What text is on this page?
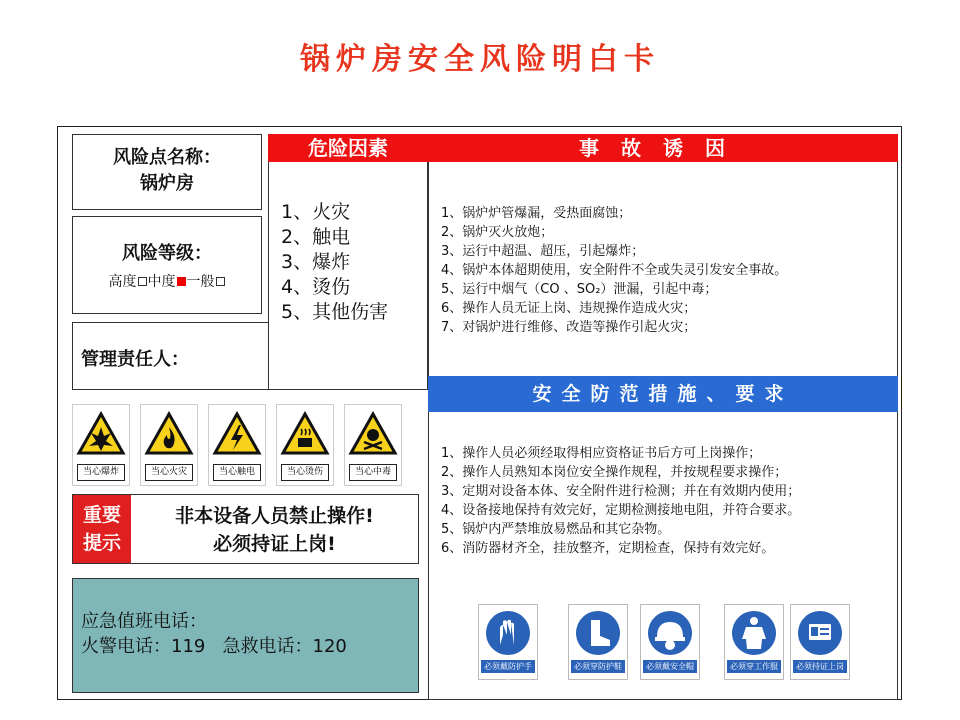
锅炉房安全风险明白卡
风险点名称：
锅炉房
风险等级：
高度 中度 一般
管理责任人：
危险因素
1、火灾
2、触电
3、爆炸
4、烫伤
5、其他伤害
事故诱因
1、锅炉炉管爆漏，受热面腐蚀；
2、锅炉灭火放炮；
3、运行中超温、超压，引起爆炸；
4、锅炉本体超期使用，安全附件不全或失灵引发安全事故。
5、运行中烟气（CO 、SO₂）泄漏，引起中毒；
6、操作人员无证上岗、违规操作造成火灾；
7、对锅炉进行维修、改造等操作引起火灾；
安全防范措施、要求
1、操作人员必须经取得相应资格证书后方可上岗操作；
2、操作人员熟知本岗位安全操作规程，并按规程要求操作；
3、定期对设备本体、安全附件进行检测；并在有效期内使用；
4、设备接地保持有效完好，定期检测接地电阻，并符合要求。
5、锅炉内严禁堆放易燃品和其它杂物。
6、消防器材齐全，挂放整齐，定期检查，保持有效完好。
当心爆炸	当心火灾	当心触电	当心烫伤	当心中毒
重要
提示
非本设备人员禁止操作!
必须持证上岗!
应急值班电话：
火警电话：119 急救电话：120
必须戴防护手套
必须穿防护鞋	必须戴安全帽	必须穿工作服	必须持证上岗
